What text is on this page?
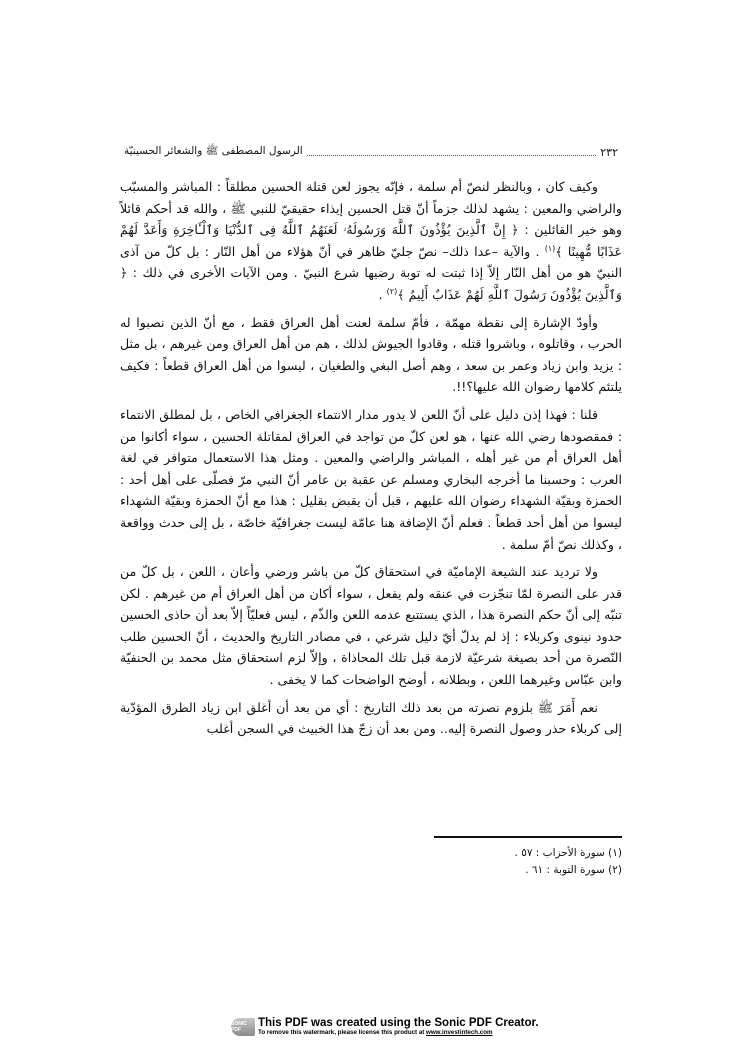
٢٣٢
الرسول المصطفى ﷺ والشعائر الحسينيّة

وكيف كان ، وبالنظر لنصّ أم سلمة ، فإنّه يجوز لعن قتلة الحسين مطلقاً : المباشر والمسبّب والراضي والمعين : يشهد لذلك جزماً أنّ قتل الحسين إيذاء حقيقيّ للنبي ﷺ ، والله قد أحكم قائلاً وهو خير القائلين : ﴿ إِنَّ ٱلَّذِينَ يُؤْذُونَ ٱللَّهَ وَرَسُولَهُۥ لَعَنَهُمُ ٱللَّهُ فِى ٱلدُّنْيَا وَٱلْـَٔاخِرَةِ وَأَعَدَّ لَهُمْ عَذَابًا مُّهِينًا ﴾$^{(١)}$ . والآية –عدا ذلك– نصّ جليّ ظاهر في أنّ هؤلاء من أهل النّار : بل كلّ من آذى النبيّ هو من أهل النّار إلاّ إذا ثبتت له توبة رضيها شرع النبيّ . ومن الآيات الأخرى في ذلك : ﴿ وَٱلَّذِينَ يُؤْذُونَ رَسُولَ ٱللَّهِ لَهُمْ عَذَابٌ أَلِيمٌ ﴾$^{(٢)}$ .

وأودّ الإشارة إلى نقطة مهمّة ، فأمّ سلمة لعنت أهل العراق فقط ، مع أنّ الذين نصبوا له الحرب ، وقاتلوه ، وباشروا قتله ، وقادوا الجيوش لذلك ، هم من أهل العراق ومن غيرهم ، بل مثل : يزيد وابن زياد وعمر بن سعد ، وهم أصل البغي والطغيان ، ليسوا من أهل العراق قطعاً : فكيف يلتئم كلامها رضوان الله عليها؟!!.

قلنا : فهذا إذن دليل على أنّ اللعن لا يدور مدار الانتماء الجغرافي الخاص ، بل لمطلق الانتماء : فمقصودها رضي الله عنها ، هو لعن كلّ من تواجد في العراق لمقاتلة الحسين ، سواء أكانوا من أهل العراق أم من غير أهله ، المباشر والراضي والمعين . ومثل هذا الاستعمال متوافر في لغة العرب : وحسبنا ما أخرجه البخاري ومسلم عن عقبة بن عامر أنّ النبي مرّ فصلّى على أهل أحد : الحمزة وبقيّة الشهداء رضوان الله عليهم ، قبل أن يقبض بقليل : هذا مع أنّ الحمزة وبقيّة الشهداء ليسوا من أهل أحد قطعاً . فعلم أنّ الإضافة هنا عامّة ليست جغرافيّة خاصّة ، بل إلى حدث وواقعة ، وكذلك نصّ أمّ سلمة .

ولا ترديد عند الشيعة الإماميّة في استحقاق كلّ من باشر ورضي وأعان ، اللعن ، بل كلّ من قدر على النصرة لمّا تنجّزت في عنقه ولم يفعل ، سواء أكان من أهل العراق أم من غيرهم . لكن تنبّه إلى أنّ حكم النصرة هذا ، الذي يستتبع عدمه اللعن والذّم ، ليس فعليّاً إلاّ بعد أن حاذى الحسين حدود نينوى وكربلاء : إذ لم يدلّ أيّ دليل شرعي ، في مصادر التاريخ والحديث ، أنّ الحسين طلب النّصرة من أحد بصيغة شرعيّة لازمة قبل تلك المحاذاة ، وإلاّ لزم استحقاق مثل محمد بن الحنفيّة وابن عبّاس وغيرهما اللعن ، وبطلانه ، أوضح الواضحات كما لا يخفى .

نعم أَمَرَ ﷺ بلزوم نصرته من بعد ذلك التاريخ : أي من بعد أن أغلق ابن زياد الطرق المؤدّية إلى كربلاء حذر وصول النصرة إليه.. ومن بعد أن زجّ هذا الخبيث في السجن أغلب

(١) سورة الأحزاب : ٥٧ .
(٢) سورة التوبة : ٦١ .
SONIC PDF
This PDF was created using the Sonic PDF Creator.
To remove this watermark, please license this product at www.investintech.com
